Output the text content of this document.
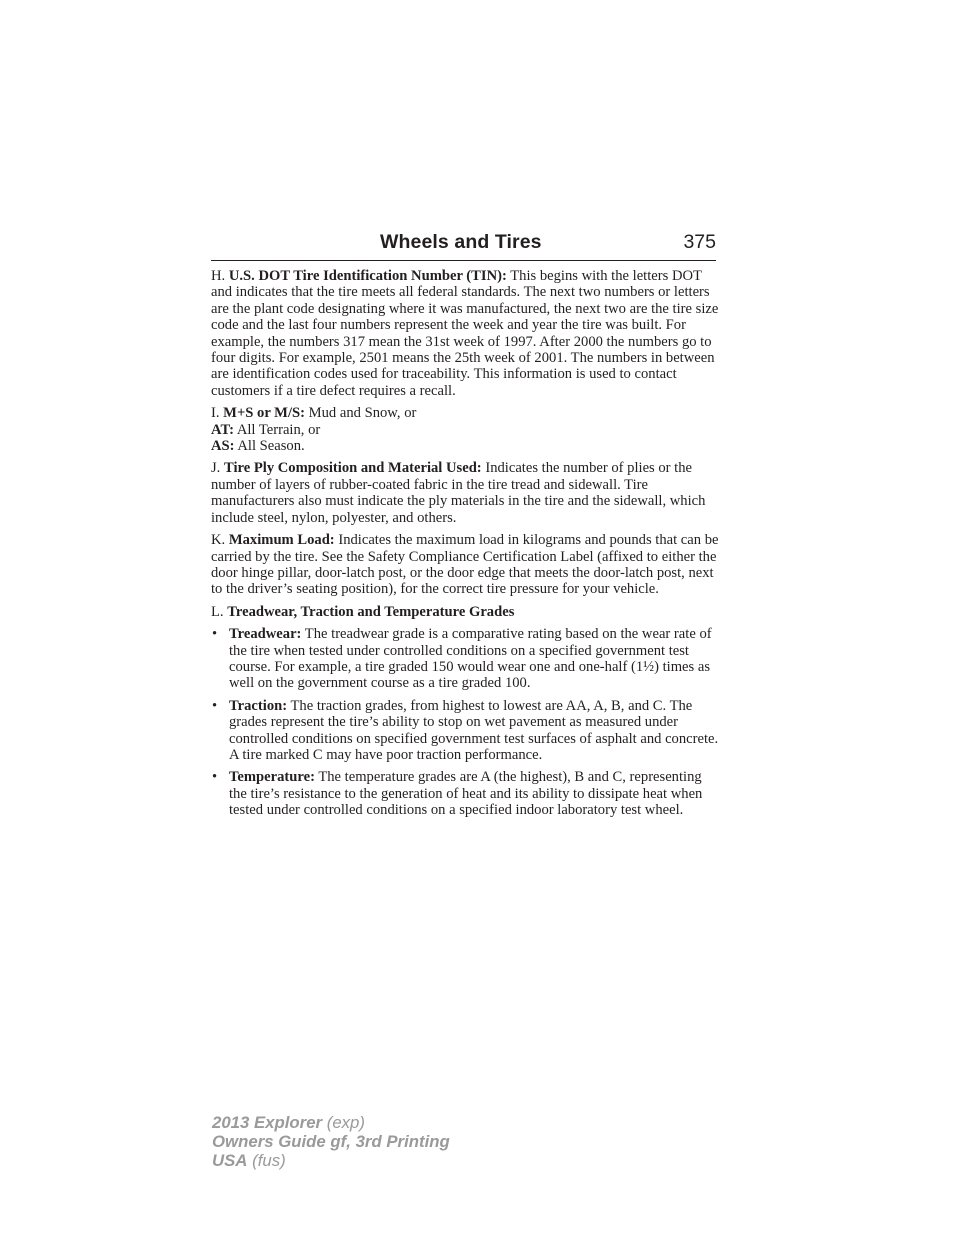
Wheels and Tires	375

H. U.S. DOT Tire Identification Number (TIN): This begins with the letters DOT and indicates that the tire meets all federal standards. The next two numbers or letters are the plant code designating where it was manufactured, the next two are the tire size code and the last four numbers represent the week and year the tire was built. For example, the numbers 317 mean the 31st week of 1997. After 2000 the numbers go to four digits. For example, 2501 means the 25th week of 2001. The numbers in between are identification codes used for traceability. This information is used to contact customers if a tire defect requires a recall.

I. M+S or M/S: Mud and Snow, or
AT: All Terrain, or
AS: All Season.

J. Tire Ply Composition and Material Used: Indicates the number of plies or the number of layers of rubber-coated fabric in the tire tread and sidewall. Tire manufacturers also must indicate the ply materials in the tire and the sidewall, which include steel, nylon, polyester, and others.

K. Maximum Load: Indicates the maximum load in kilograms and pounds that can be carried by the tire. See the Safety Compliance Certification Label (affixed to either the door hinge pillar, door-latch post, or the door edge that meets the door-latch post, next to the driver’s seating position), for the correct tire pressure for your vehicle.

L. Treadwear, Traction and Temperature Grades

• Treadwear: The treadwear grade is a comparative rating based on the wear rate of the tire when tested under controlled conditions on a specified government test course. For example, a tire graded 150 would wear one and one-half (1½) times as well on the government course as a tire graded 100.
• Traction: The traction grades, from highest to lowest are AA, A, B, and C. The grades represent the tire’s ability to stop on wet pavement as measured under controlled conditions on specified government test surfaces of asphalt and concrete. A tire marked C may have poor traction performance.
• Temperature: The temperature grades are A (the highest), B and C, representing the tire’s resistance to the generation of heat and its ability to dissipate heat when tested under controlled conditions on a specified indoor laboratory test wheel.
2013 Explorer (exp)
Owners Guide gf, 3rd Printing
USA (fus)
